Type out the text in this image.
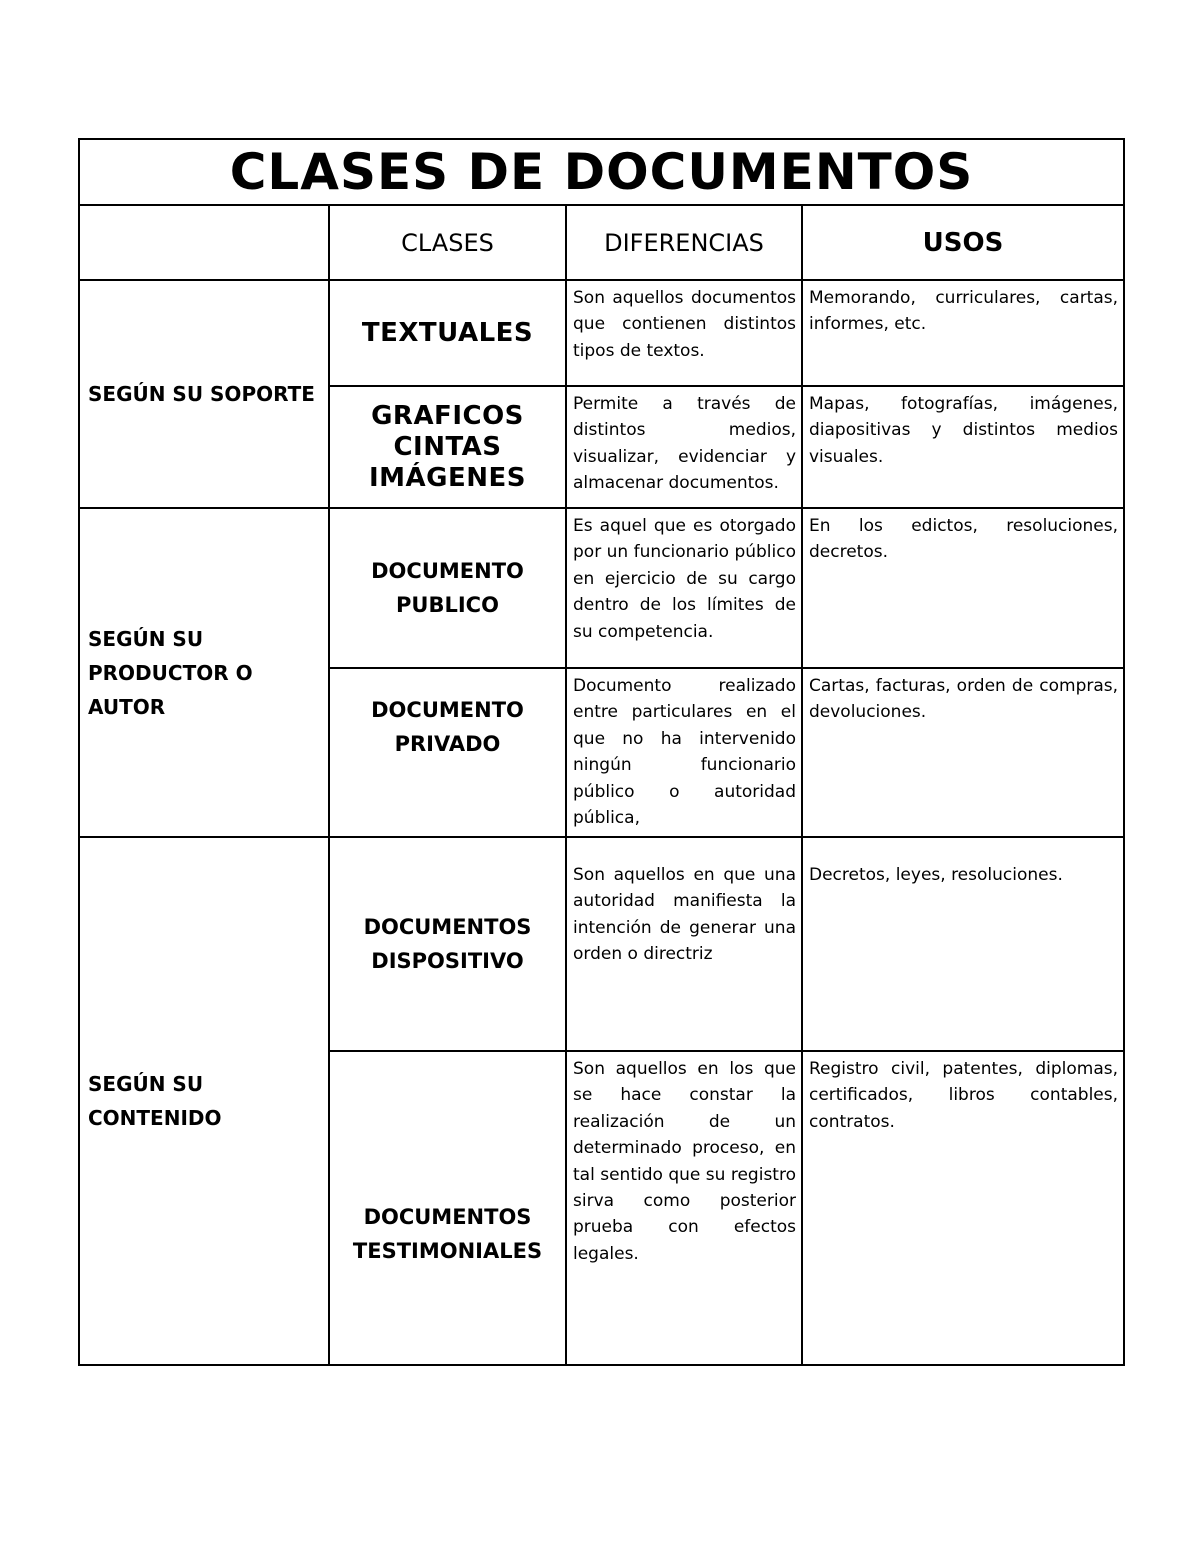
CLASES DE DOCUMENTOS			
	CLASES	DIFERENCIAS	USOS
SEGÚN SU SOPORTE	TEXTUALES	Son aquellos documentos que contienen distintos tipos de textos.	Memorando, curriculares, cartas, informes, etc.

	GRAFICOS
CINTAS
IMÁGENES	Permite a través de distintos medios, visualizar, evidenciar y almacenar documentos.	Mapas, fotografías, imágenes, diapositivas y distintos medios visuales.

SEGÚN SU
PRODUCTOR O AUTOR	DOCUMENTO
PUBLICO	Es aquel que es otorgado por un funcionario público en ejercicio de su cargo dentro de los límites de su competencia.	En los edictos, resoluciones, decretos.

	DOCUMENTO
PRIVADO	Documento realizado entre particulares en el que no ha intervenido ningún funcionario público o autoridad pública,	Cartas, facturas, orden de compras, devoluciones.

SEGÚN SU
CONTENIDO	DOCUMENTOS
DISPOSITIVO	Son aquellos en que una autoridad manifiesta la intención de generar una orden o directriz	Decretos, leyes, resoluciones.

	DOCUMENTOS
TESTIMONIALES	Son aquellos en los que se hace constar la realización de un determinado proceso, en tal sentido que su registro sirva como posterior prueba con efectos legales.	Registro civil, patentes, diplomas, certificados, libros contables, contratos.
